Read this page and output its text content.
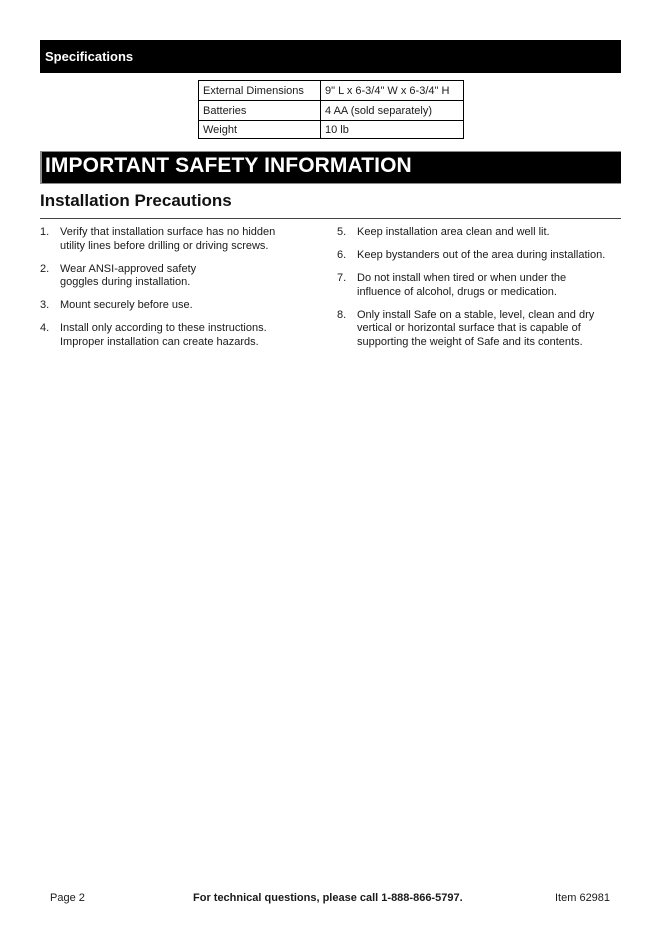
Specifications
External Dimensions	9" L x 6-3/4" W x 6-3/4" H
Batteries	4 AA (sold separately)
Weight	10 lb
IMPORTANT SAFETY INFORMATION
Installation Precautions
1. Verify that installation surface has no hidden
utility lines before drilling or driving screws.
2. Wear ANSI-approved safety
goggles during installation.
3. Mount securely before use.
4. Install only according to these instructions.
Improper installation can create hazards.
5. Keep installation area clean and well lit.
6. Keep bystanders out of the area during installation.
7. Do not install when tired or when under the
influence of alcohol, drugs or medication.
8. Only install Safe on a stable, level, clean and dry
vertical or horizontal surface that is capable of
supporting the weight of Safe and its contents.
Page 2	For technical questions, please call 1-888-866-5797.	Item 62981
